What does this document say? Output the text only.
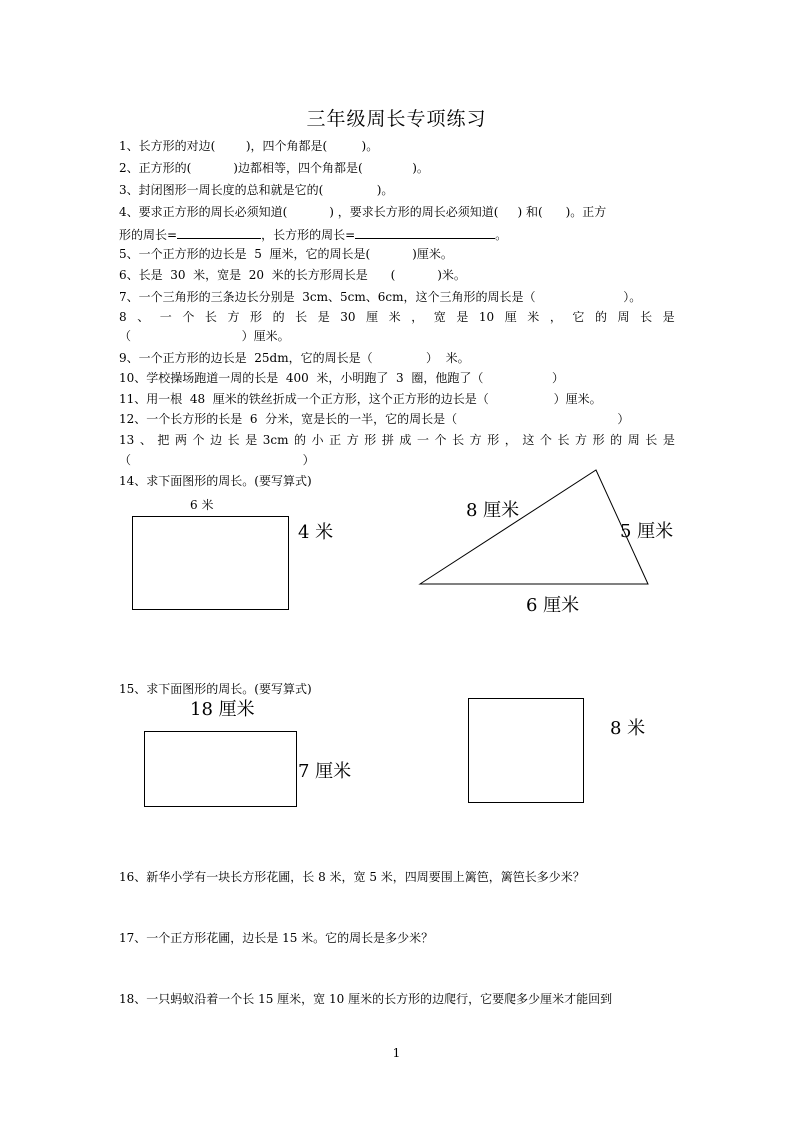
三年级周长专项练习
1、长方形的对边(        )，四个角都是(         )。
2、正方形的(           )边都相等，四个角都是(             )。
3、封闭图形一周长度的总和就是它的(              )。
4、要求正方形的周长必须知道(           ) ，要求长方形的周长必须知道(     ) 和(      )。正方
形的周长=	，长方形的周长=	。
5、一个正方形的边长是  5  厘米，它的周长是(           )厘米。
6、长是  30  米，宽是  20  米的长方形周长是      (           )米。
7、一个三角形的三条边长分别是  3cm、5cm、6cm，这个三角形的周长是（                       ）。
8 、 一 个 长 方 形 的 长 是 30 厘 米 ， 宽 是 10 厘 米 ， 它 的 周 长 是
（                             ）厘米。
9、一个正方形的边长是  25dm，它的周长是（              ）  米。
10、学校操场跑道一周的长是  400  米，小明跑了  3  圈，他跑了（                  ）
11、用一根  48  厘米的铁丝折成一个正方形，这个正方形的边长是（                 ）厘米。
12、一个长方形的长是  6  分米，宽是长的一半，它的周长是（                                          ）
13 、 把 两 个 边 长 是 3cm 的 小 正 方 形 拼 成 一 个 长 方 形 ， 这 个 长 方 形 的 周 长 是
（                                             ）
14、求下面图形的周长。(要写算式)
6 米
4 米
8 厘米
5 厘米
6 厘米
15、求下面图形的周长。(要写算式)
18 厘米
7 厘米
8 米
16、新华小学有一块长方形花圃，长 8 米，宽 5 米，四周要围上篱笆，篱笆长多少米？
17、一个正方形花圃，边长是 15 米。它的周长是多少米？
18、一只蚂蚁沿着一个长 15 厘米，宽 10 厘米的长方形的边爬行，它要爬多少厘米才能回到
1
